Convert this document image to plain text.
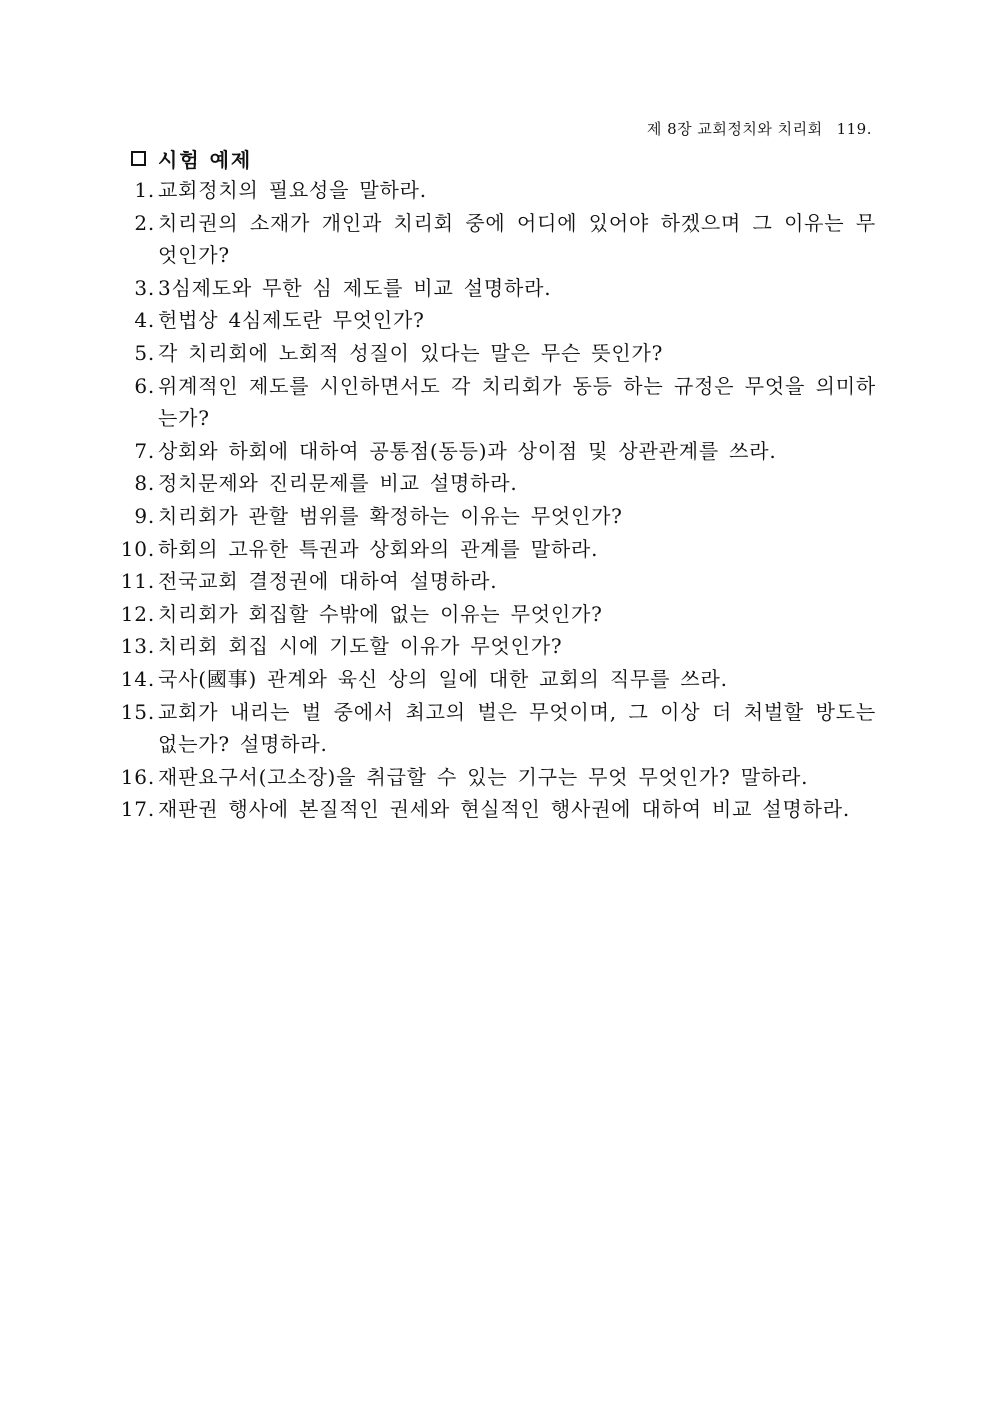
제 8장 교회정치와 치리회 119.
시험 예제
1. 교회정치의 필요성을 말하라.
2. 치리권의 소재가 개인과 치리회 중에 어디에 있어야 하겠으며 그 이유는 무엇인가?
3. 3심제도와 무한 심 제도를 비교 설명하라.
4. 헌법상 4심제도란 무엇인가?
5. 각 치리회에 노회적 성질이 있다는 말은 무슨 뜻인가?
6. 위계적인 제도를 시인하면서도 각 치리회가 동등 하는 규정은 무엇을 의미하는가?
7. 상회와 하회에 대하여 공통점(동등)과 상이점 및 상관관계를 쓰라.
8. 정치문제와 진리문제를 비교 설명하라.
9. 치리회가 관할 범위를 확정하는 이유는 무엇인가?
10. 하회의 고유한 특권과 상회와의 관계를 말하라.
11. 전국교회 결정권에 대하여 설명하라.
12. 치리회가 회집할 수밖에 없는 이유는 무엇인가?
13. 치리회 회집 시에 기도할 이유가 무엇인가?
14. 국사(國事) 관계와 육신 상의 일에 대한 교회의 직무를 쓰라.
15. 교회가 내리는 벌 중에서 최고의 벌은 무엇이며, 그 이상 더 처벌할 방도는 없는가? 설명하라.
16. 재판요구서(고소장)을 취급할 수 있는 기구는 무엇 무엇인가? 말하라.
17. 재판권 행사에 본질적인 권세와 현실적인 행사권에 대하여 비교 설명하라.
